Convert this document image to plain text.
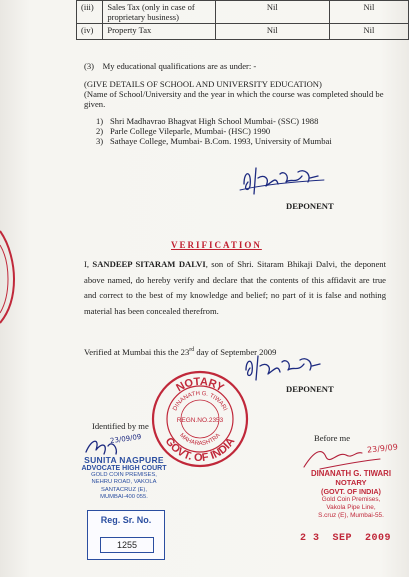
(iii)	Sales Tax (only in case of proprietary business)	Nil	Nil
(iv)	Property Tax	Nil	Nil
(3)    My educational qualifications are as under: -
(GIVE DETAILS OF SCHOOL AND UNIVERSITY EDUCATION)
(Name of School/University and the year in which the course was completed should be given.
1) Shri Madhavrao Bhagvat High School Mumbai- (SSC) 1988
2) Parle College Vileparle, Mumbai- (HSC) 1990
3) Sathaye College, Mumbai- B.Com. 1993, University of Mumbai
DEPONENT
VERIFICATION
I, SANDEEP SITARAM DALVI, son of Shri. Sitaram Bhikaji Dalvi, the deponent above named, do hereby verify and declare that the contents of this affidavit are true and correct to the best of my knowledge and belief; no part of it is false and nothing material has been concealed therefrom.
Verified at Mumbai this the 23rd day of September 2009
DEPONENT
Identified by me
Before me
23/09/09
SUNITA NAGPURE
ADVOCATE HIGH COURT
GOLD COIN PREMISES,
NEHRU ROAD, VAKOLA
SANTACRUZ (E),
MUMBAI-400 055.
Reg. Sr. No.
1255
NOTARY
GOVT. OF INDIA
DINANATH G. TIWARI
MAHARASHTRA
REGN.NO.2353
23/9/09
DINANATH G. TIWARI
NOTARY
(GOVT. OF INDIA)
Gold Coin Premises,
Vakola Pipe Line,
S.cruz (E), Mumbai-55.
2 3  SEP  2009
